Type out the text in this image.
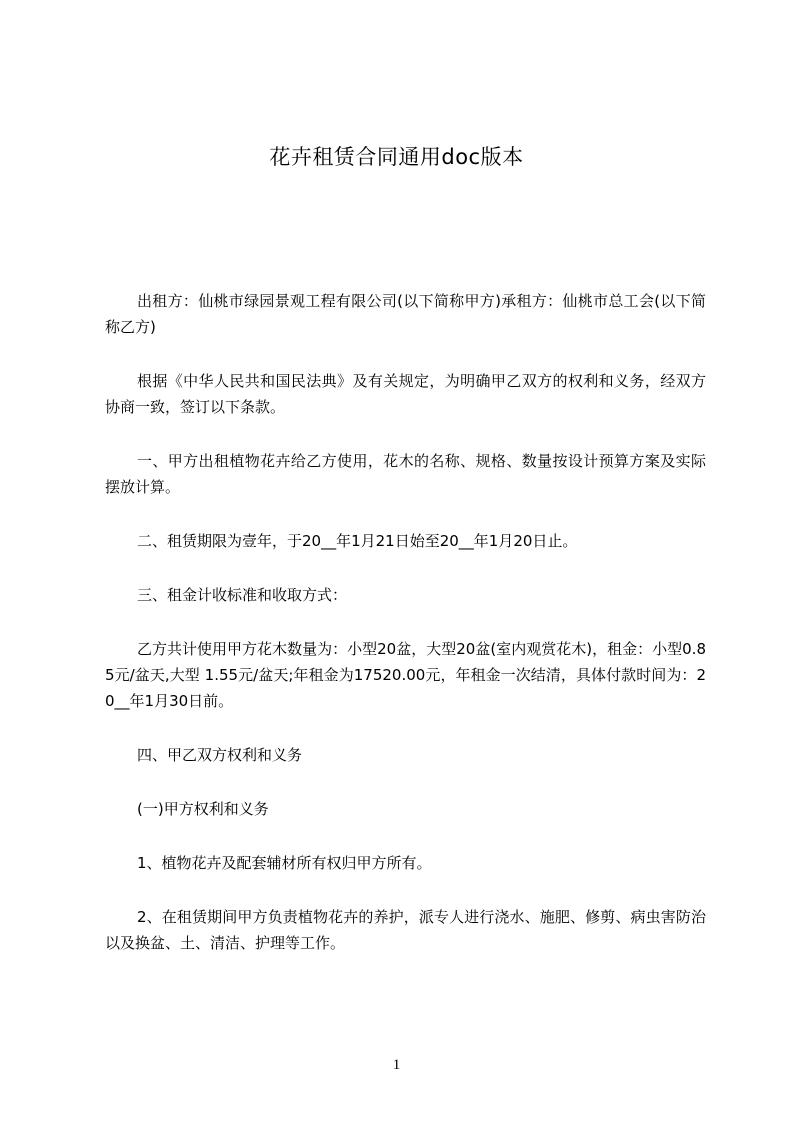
花卉租赁合同通用doc版本

出租方：仙桃市绿园景观工程有限公司(以下简称甲方)承租方：仙桃市总工会(以下简称乙方)

根据《中华人民共和国民法典》及有关规定，为明确甲乙双方的权利和义务，经双方协商一致，签订以下条款。

一、甲方出租植物花卉给乙方使用，花木的名称、规格、数量按设计预算方案及实际摆放计算。

二、租赁期限为壹年，于20__年1月21日始至20__年1月20日止。

三、租金计收标准和收取方式：

乙方共计使用甲方花木数量为：小型20盆，大型20盆(室内观赏花木)，租金：小型0.85元/盆天,大型 1.55元/盆天;年租金为17520.00元，年租金一次结清，具体付款时间为：20__年1月30日前。

四、甲乙双方权利和义务

(一)甲方权利和义务

1、植物花卉及配套辅材所有权归甲方所有。

2、在租赁期间甲方负责植物花卉的养护，派专人进行浇水、施肥、修剪、病虫害防治以及换盆、土、清洁、护理等工作。

1
